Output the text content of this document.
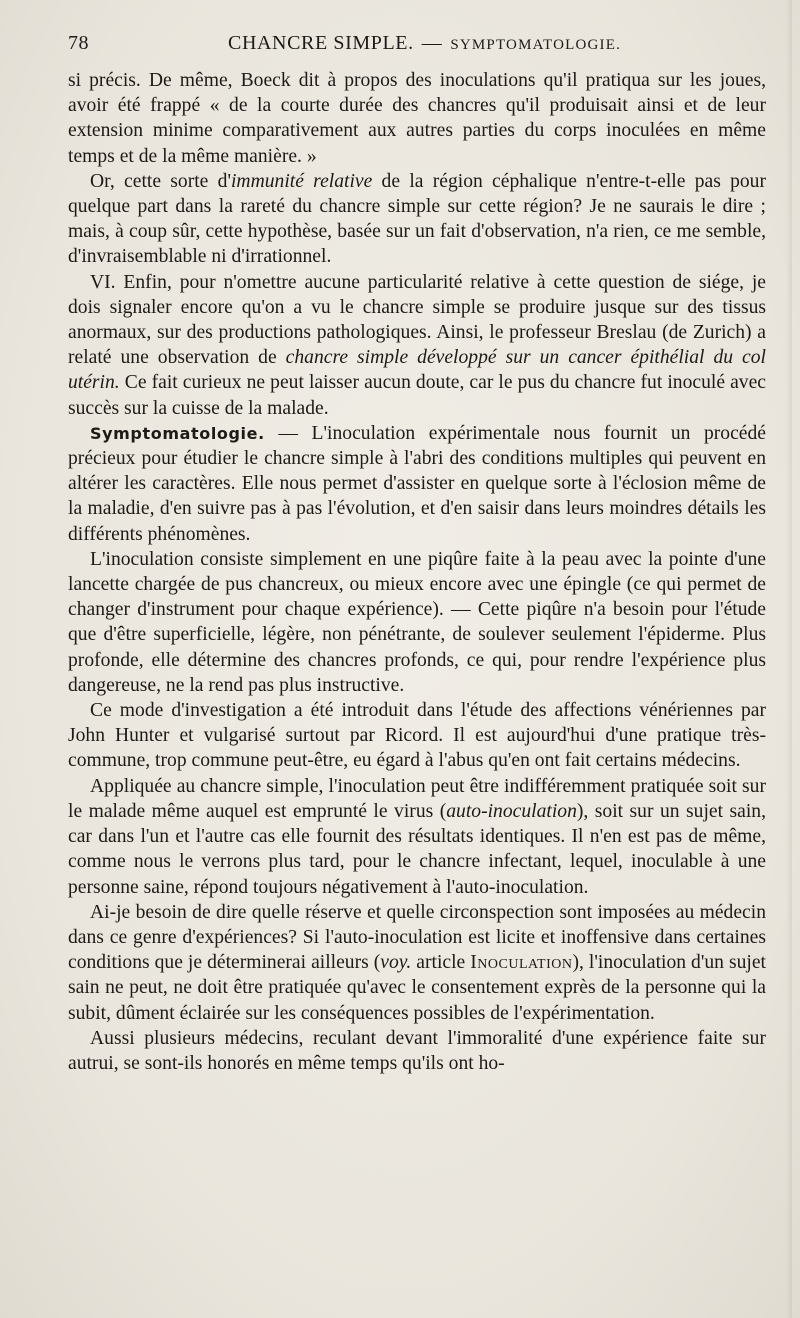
78	CHANCRE SIMPLE. — SYMPTOMATOLOGIE.

si précis. De même, Boeck dit à propos des inoculations qu'il pratiqua sur les joues, avoir été frappé « de la courte durée des chancres qu'il produisait ainsi et de leur extension minime comparativement aux autres parties du corps inoculées en même temps et de la même manière. »

Or, cette sorte d'immunité relative de la région céphalique n'entre-t-elle pas pour quelque part dans la rareté du chancre simple sur cette région? Je ne saurais le dire ; mais, à coup sûr, cette hypothèse, basée sur un fait d'observation, n'a rien, ce me semble, d'invraisemblable ni d'irrationnel.

VI. Enfin, pour n'omettre aucune particularité relative à cette question de siége, je dois signaler encore qu'on a vu le chancre simple se produire jusque sur des tissus anormaux, sur des productions pathologiques. Ainsi, le professeur Breslau (de Zurich) a relaté une observation de chancre simple développé sur un cancer épithélial du col utérin. Ce fait curieux ne peut laisser aucun doute, car le pus du chancre fut inoculé avec succès sur la cuisse de la malade.

Symptomatologie. — L'inoculation expérimentale nous fournit un procédé précieux pour étudier le chancre simple à l'abri des conditions multiples qui peuvent en altérer les caractères. Elle nous permet d'assister en quelque sorte à l'éclosion même de la maladie, d'en suivre pas à pas l'évolution, et d'en saisir dans leurs moindres détails les différents phénomènes.

L'inoculation consiste simplement en une piqûre faite à la peau avec la pointe d'une lancette chargée de pus chancreux, ou mieux encore avec une épingle (ce qui permet de changer d'instrument pour chaque expérience). — Cette piqûre n'a besoin pour l'étude que d'être superficielle, légère, non pénétrante, de soulever seulement l'épiderme. Plus profonde, elle détermine des chancres profonds, ce qui, pour rendre l'expérience plus dangereuse, ne la rend pas plus instructive.

Ce mode d'investigation a été introduit dans l'étude des affections vénériennes par John Hunter et vulgarisé surtout par Ricord. Il est aujourd'hui d'une pratique très-commune, trop commune peut-être, eu égard à l'abus qu'en ont fait certains médecins.

Appliquée au chancre simple, l'inoculation peut être indifféremment pratiquée soit sur le malade même auquel est emprunté le virus (auto-inoculation), soit sur un sujet sain, car dans l'un et l'autre cas elle fournit des résultats identiques. Il n'en est pas de même, comme nous le verrons plus tard, pour le chancre infectant, lequel, inoculable à une personne saine, répond toujours négativement à l'auto-inoculation.

Ai-je besoin de dire quelle réserve et quelle circonspection sont imposées au médecin dans ce genre d'expériences? Si l'auto-inoculation est licite et inoffensive dans certaines conditions que je déterminerai ailleurs (voy. article Inoculation), l'inoculation d'un sujet sain ne peut, ne doit être pratiquée qu'avec le consentement exprès de la personne qui la subit, dûment éclairée sur les conséquences possibles de l'expérimentation.

Aussi plusieurs médecins, reculant devant l'immoralité d'une expérience faite sur autrui, se sont-ils honorés en même temps qu'ils ont ho-
